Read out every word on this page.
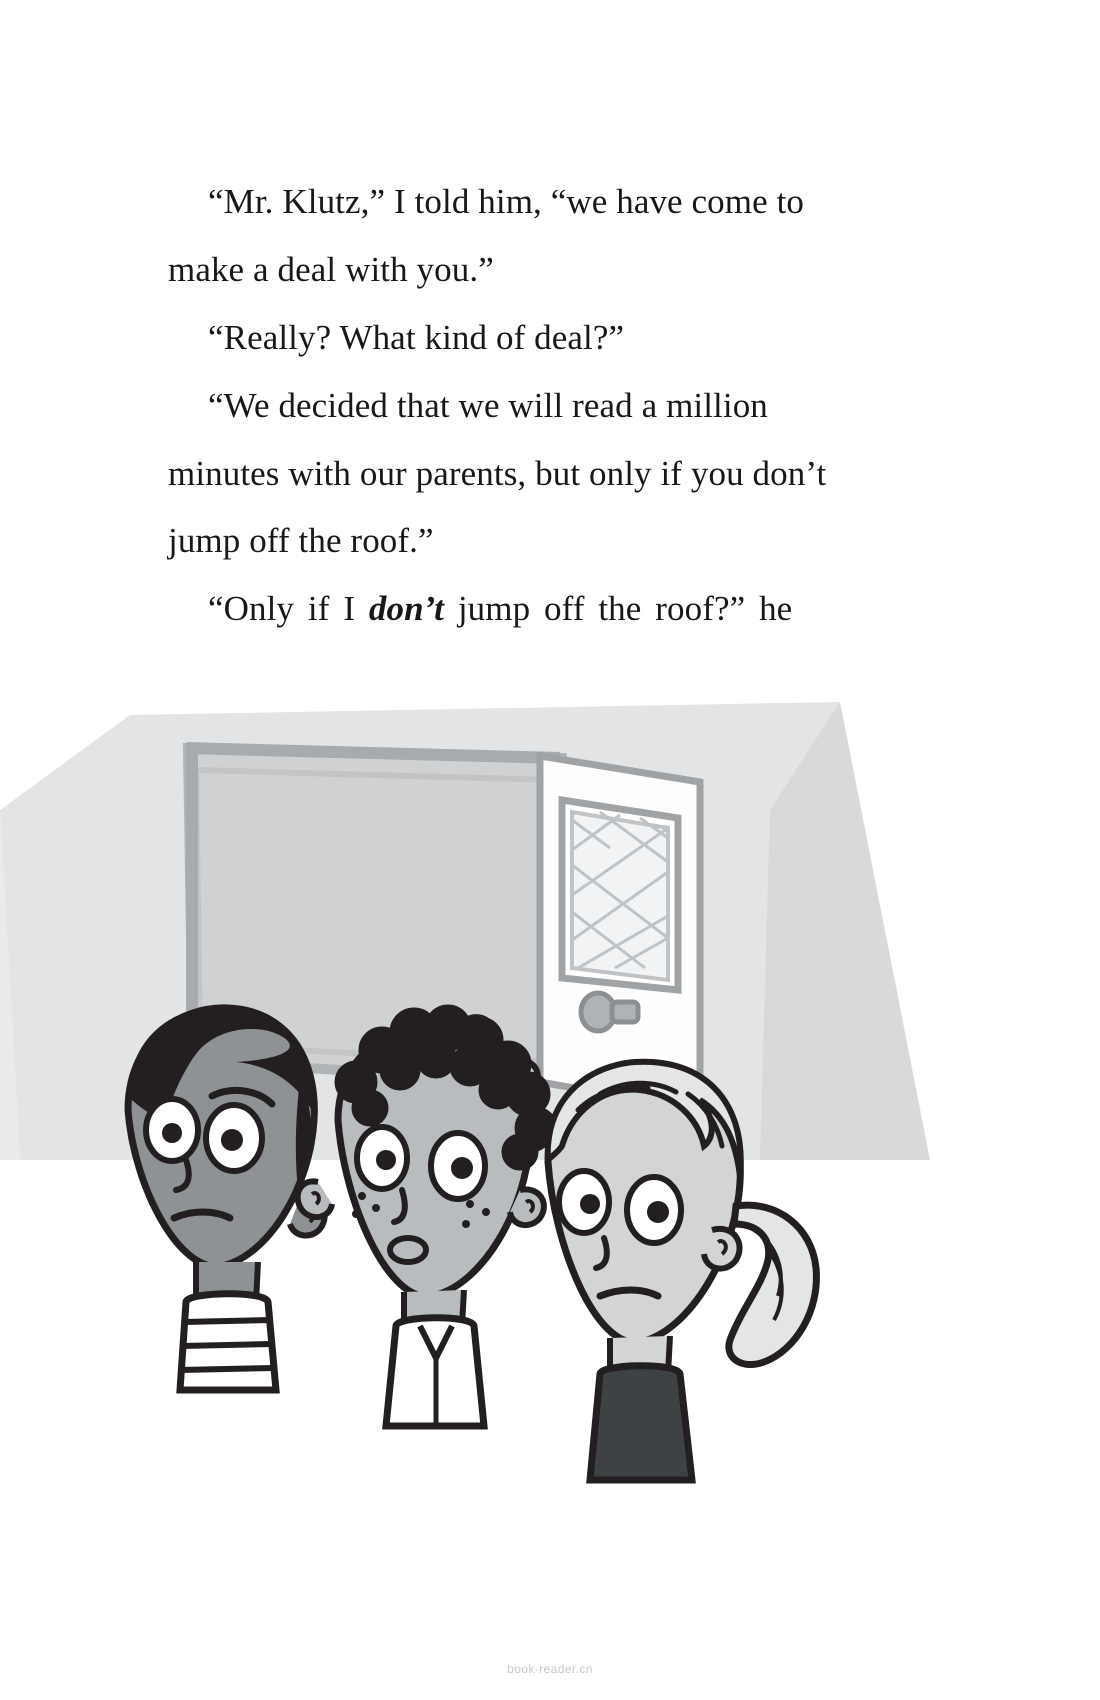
“Mr. Klutz,” I told him, “we have come to make a deal with you.”

“Really? What kind of deal?”

“We decided that we will read a million minutes with our parents, but only if you don’t jump off the roof.”

“Only if I don’t jump off the roof?” he

book-reader.cn
